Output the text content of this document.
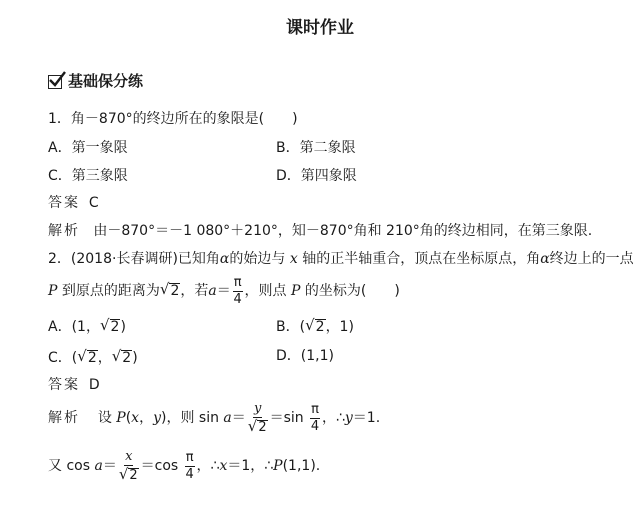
课时作业
基础保分练
1．角－870°的终边所在的象限是(　　)
A．第一象限	B．第二象限
C．第三象限	D．第四象限
答案 C
解析 由－870°＝－1 080°＋210°，知－870°角和 210°角的终边相同，在第三象限.
2．(2018·长春调研)已知角α的始边与 x 轴的正半轴重合，顶点在坐标原点，角α终边上的一点
P
到原点的距离为 √ 2 ，若 $a = \frac{\pi}{4}$ ，则点
P
的坐标为(　　)
A．(1， √ 2 )	B．( √ 2 ，1)
C．( √ 2 ， √ 2 )	D．(1,1)
答案 D
解析
设
P ( x ， y )，则 sin
$a = \frac{y}{√ 2} =\sin$
$\frac{\pi}{4}$ ，∴ y ＝1.
又 cos
$a = \frac{x}{√ 2} =\cos$
$\frac{\pi}{4}$ ，∴ x ＝1，∴ P (1,1).
